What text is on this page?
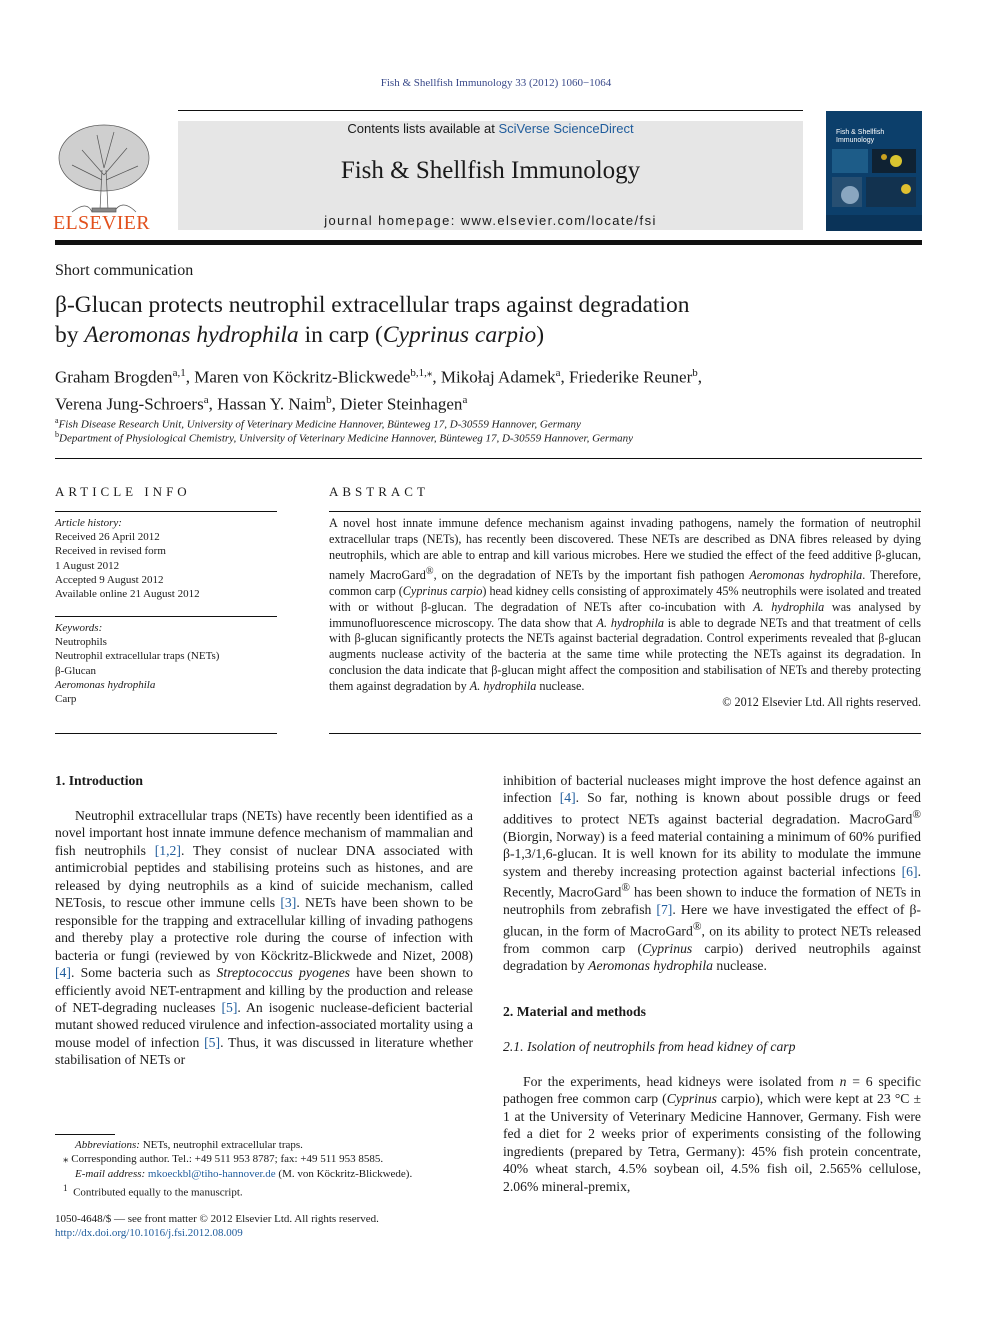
Fish & Shellfish Immunology 33 (2012) 1060−1064
ELSEVIER
Contents lists available at SciVerse ScienceDirect
Fish & Shellfish Immunology
journal homepage: www.elsevier.com/locate/fsi
Fish & Shellfish Immunology
Short communication
β-Glucan protects neutrophil extracellular traps against degradation
by Aeromonas hydrophila in carp (Cyprinus carpio)
Graham Brogden$^{a,1}$, Maren von Köckritz-Blickwede$^{b,1,⁎}$, Mikołaj Adamek$^a$, Friederike Reuner$^b$,
Verena Jung-Schroers$^a$, Hassan Y. Naim$^b$, Dieter Steinhagen$^a$
$^a$Fish Disease Research Unit, University of Veterinary Medicine Hannover, Bünteweg 17, D-30559 Hannover, Germany
$^b$Department of Physiological Chemistry, University of Veterinary Medicine Hannover, Bünteweg 17, D-30559 Hannover, Germany
ARTICLE INFO
Article history:
Received 26 April 2012
Received in revised form
1 August 2012
Accepted 9 August 2012
Available online 21 August 2012
Keywords:
Neutrophils
Neutrophil extracellular traps (NETs)
β-Glucan
Aeromonas hydrophila
Carp
ABSTRACT
A novel host innate immune defence mechanism against invading pathogens, namely the formation of neutrophil extracellular traps (NETs), has recently been discovered. These NETs are described as DNA fibres released by dying neutrophils, which are able to entrap and kill various microbes. Here we studied the effect of the feed additive β-glucan, namely MacroGard®, on the degradation of NETs by the important fish pathogen Aeromonas hydrophila. Therefore, common carp (Cyprinus carpio) head kidney cells consisting of approximately 45% neutrophils were isolated and treated with or without β-glucan. The degradation of NETs after co-incubation with A. hydrophila was analysed by immunofluorescence microscopy. The data show that A. hydrophila is able to degrade NETs and that treatment of cells with β-glucan significantly protects the NETs against bacterial degradation. Control experiments revealed that β-glucan augments nuclease activity of the bacteria at the same time while protecting the NETs against its degradation. In conclusion the data indicate that β-glucan might affect the composition and stabilisation of NETs and thereby protecting them against degradation by A. hydrophila nuclease.
© 2012 Elsevier Ltd. All rights reserved.
1. Introduction

Neutrophil extracellular traps (NETs) have recently been identified as a novel important host innate immune defence mechanism of mammalian and fish neutrophils [1,2]. They consist of nuclear DNA associated with antimicrobial peptides and stabilising proteins such as histones, and are released by dying neutrophils as a kind of suicide mechanism, called NETosis, to rescue other immune cells [3]. NETs have been shown to be responsible for the trapping and extracellular killing of invading pathogens and thereby play a protective role during the course of infection with bacteria or fungi (reviewed by von Köckritz-Blickwede and Nizet, 2008) [4]. Some bacteria such as Streptococcus pyogenes have been shown to efficiently avoid NET-entrapment and killing by the production and release of NET-degrading nucleases [5]. An isogenic nuclease-deficient bacterial mutant showed reduced virulence and infection-associated mortality using a mouse model of infection [5]. Thus, it was discussed in literature whether stabilisation of NETs or

Abbreviations: NETs, neutrophil extracellular traps.
⁎ Corresponding author. Tel.: +49 511 953 8787; fax: +49 511 953 8585.
E-mail address: mkoeckbl@tiho-hannover.de (M. von Köckritz-Blickwede).
$^1$ Contributed equally to the manuscript.
1050-4648/$ — see front matter © 2012 Elsevier Ltd. All rights reserved.
http://dx.doi.org/10.1016/j.fsi.2012.08.009

inhibition of bacterial nucleases might improve the host defence against an infection [4]. So far, nothing is known about possible drugs or feed additives to protect NETs against bacterial degradation. MacroGard® (Biorgin, Norway) is a feed material containing a minimum of 60% purified β-1,3/1,6-glucan. It is well known for its ability to modulate the immune system and thereby increasing protection against bacterial infections [6]. Recently, MacroGard® has been shown to induce the formation of NETs in neutrophils from zebrafish [7]. Here we have investigated the effect of β-glucan, in the form of MacroGard®, on its ability to protect NETs released from common carp (Cyprinus carpio) derived neutrophils against degradation by Aeromonas hydrophila nuclease.

2. Material and methods
2.1. Isolation of neutrophils from head kidney of carp

For the experiments, head kidneys were isolated from n = 6 specific pathogen free common carp (Cyprinus carpio), which were kept at 23 °C ± 1 at the University of Veterinary Medicine Hannover, Germany. Fish were fed a diet for 2 weeks prior of experiments consisting of the following ingredients (prepared by Tetra, Germany): 45% fish protein concentrate, 40% wheat starch, 4.5% soybean oil, 4.5% fish oil, 2.565% cellulose, 2.06% mineral-premix,
